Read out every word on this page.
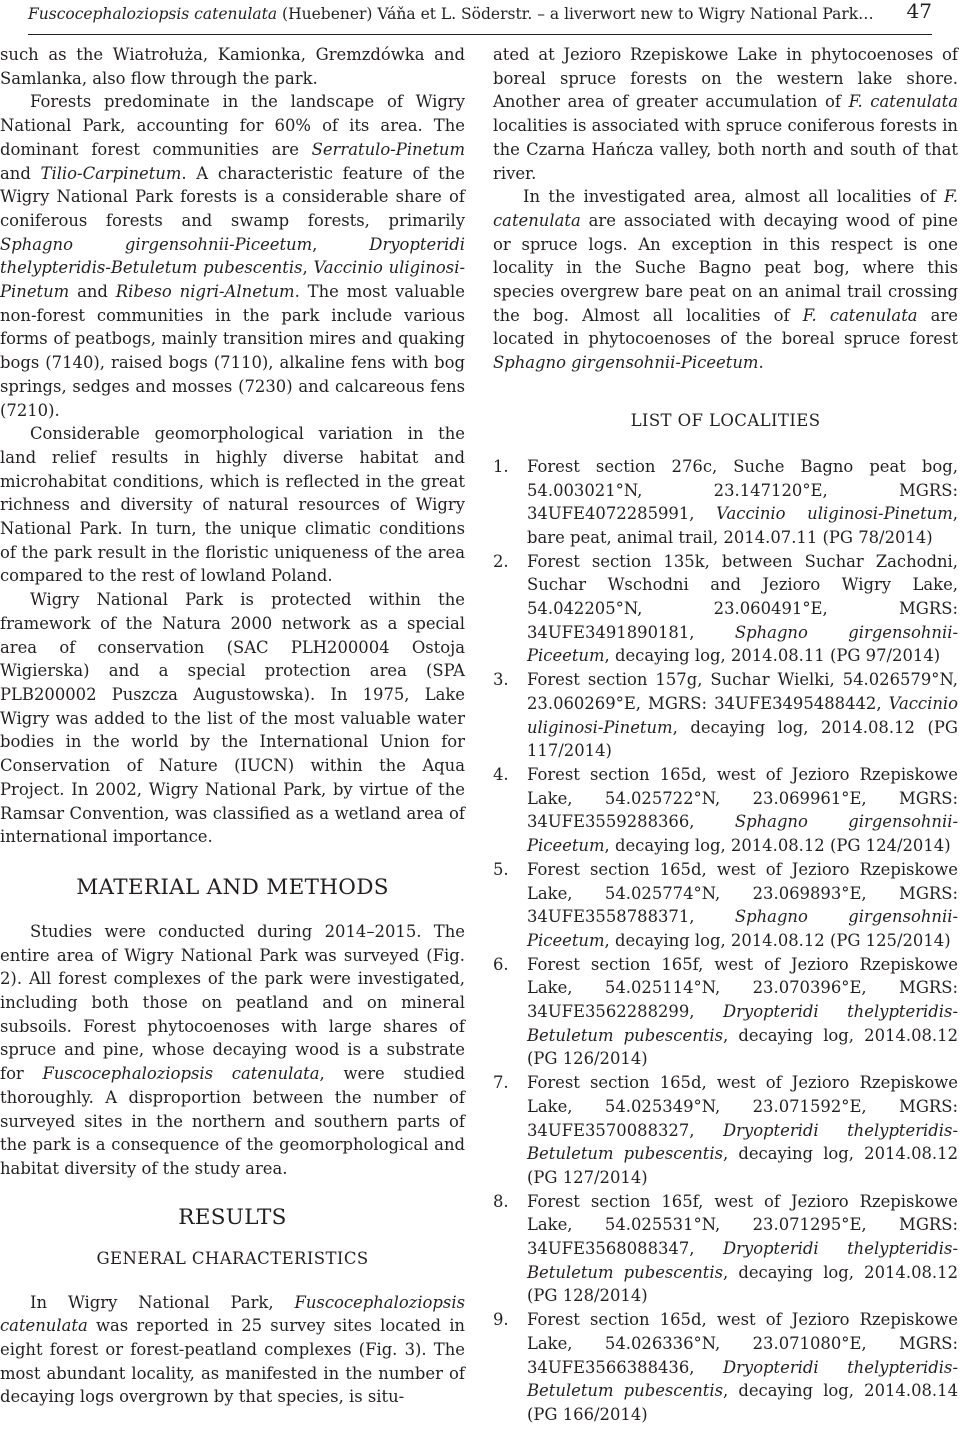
Fuscocephaloziopsis catenulata (Huebener) Váňa et L. Söderstr. – a liverwort new to Wigry National Park… 47

such as the Wiatrołuża, Kamionka, Gremzdówka and Samlanka, also flow through the park.

Forests predominate in the landscape of Wigry National Park, accounting for 60% of its area. The dominant forest communities are Serratulo-Pinetum and Tilio-Carpinetum. A characteristic feature of the Wigry National Park forests is a considerable share of coniferous forests and swamp forests, primarily Sphagno girgensohnii-Piceetum, Dryopteridi thelypteridis-Betuletum pubescentis, Vaccinio uliginosi-Pinetum and Ribeso nigri-Alnetum. The most valuable non-forest communities in the park include various forms of peatbogs, mainly transition mires and quaking bogs (7140), raised bogs (7110), alkaline fens with bog springs, sedges and mosses (7230) and calcareous fens (7210).

Considerable geomorphological variation in the land relief results in highly diverse habitat and microhabitat conditions, which is reflected in the great richness and diversity of natural resources of Wigry National Park. In turn, the unique climatic conditions of the park result in the floristic uniqueness of the area compared to the rest of lowland Poland.

Wigry National Park is protected within the framework of the Natura 2000 network as a special area of conservation (SAC PLH200004 Ostoja Wigierska) and a special protection area (SPA PLB200002 Puszcza Augustowska). In 1975, Lake Wigry was added to the list of the most valuable water bodies in the world by the International Union for Conservation of Nature (IUCN) within the Aqua Project. In 2002, Wigry National Park, by virtue of the Ramsar Convention, was classified as a wetland area of international importance.

MATERIAL AND METHODS

Studies were conducted during 2014–2015. The entire area of Wigry National Park was surveyed (Fig. 2). All forest complexes of the park were investigated, including both those on peatland and on mineral subsoils. Forest phytocoenoses with large shares of spruce and pine, whose decaying wood is a substrate for Fuscocephaloziopsis catenulata, were studied thoroughly. A disproportion between the number of surveyed sites in the northern and southern parts of the park is a consequence of the geomorphological and habitat diversity of the study area.

RESULTS
GENERAL CHARACTERISTICS

In Wigry National Park, Fuscocephaloziopsis catenulata was reported in 25 survey sites located in eight forest or forest-peatland complexes (Fig. 3). The most abundant locality, as manifested in the number of decaying logs overgrown by that species, is situ-

ated at Jezioro Rzepiskowe Lake in phytocoenoses of boreal spruce forests on the western lake shore. Another area of greater accumulation of F. catenulata localities is associated with spruce coniferous forests in the Czarna Hańcza valley, both north and south of that river.

In the investigated area, almost all localities of F. catenulata are associated with decaying wood of pine or spruce logs. An exception in this respect is one locality in the Suche Bagno peat bog, where this species overgrew bare peat on an animal trail crossing the bog. Almost all localities of F. catenulata are located in phytocoenoses of the boreal spruce forest Sphagno girgensohnii-Piceetum.

LIST OF LOCALITIES
1. Forest section 276c, Suche Bagno peat bog, 54.003021°N, 23.147120°E, MGRS: 34UFE4072285991, Vaccinio uliginosi-Pinetum, bare peat, animal trail, 2014.07.11 (PG 78/2014)
2. Forest section 135k, between Suchar Zachodni, Suchar Wschodni and Jezioro Wigry Lake, 54.042205°N, 23.060491°E, MGRS: 34UFE3491890181, Sphagno girgensohnii-Piceetum, decaying log, 2014.08.11 (PG 97/2014)
3. Forest section 157g, Suchar Wielki, 54.026579°N, 23.060269°E, MGRS: 34UFE3495488442, Vaccinio uliginosi-Pinetum, decaying log, 2014.08.12 (PG 117/2014)
4. Forest section 165d, west of Jezioro Rzepiskowe Lake, 54.025722°N, 23.069961°E, MGRS: 34UFE3559288366, Sphagno girgensohnii-Piceetum, decaying log, 2014.08.12 (PG 124/2014)
5. Forest section 165d, west of Jezioro Rzepiskowe Lake, 54.025774°N, 23.069893°E, MGRS: 34UFE3558788371, Sphagno girgensohnii-Piceetum, decaying log, 2014.08.12 (PG 125/2014)
6. Forest section 165f, west of Jezioro Rzepiskowe Lake, 54.025114°N, 23.070396°E, MGRS: 34UFE3562288299, Dryopteridi thelypteridis-Betuletum pubescentis, decaying log, 2014.08.12 (PG 126/2014)
7. Forest section 165d, west of Jezioro Rzepiskowe Lake, 54.025349°N, 23.071592°E, MGRS: 34UFE3570088327, Dryopteridi thelypteridis-Betuletum pubescentis, decaying log, 2014.08.12 (PG 127/2014)
8. Forest section 165f, west of Jezioro Rzepiskowe Lake, 54.025531°N, 23.071295°E, MGRS: 34UFE3568088347, Dryopteridi thelypteridis-Betuletum pubescentis, decaying log, 2014.08.12 (PG 128/2014)
9. Forest section 165d, west of Jezioro Rzepiskowe Lake, 54.026336°N, 23.071080°E, MGRS: 34UFE3566388436, Dryopteridi thelypteridis-Betuletum pubescentis, decaying log, 2014.08.14 (PG 166/2014)
